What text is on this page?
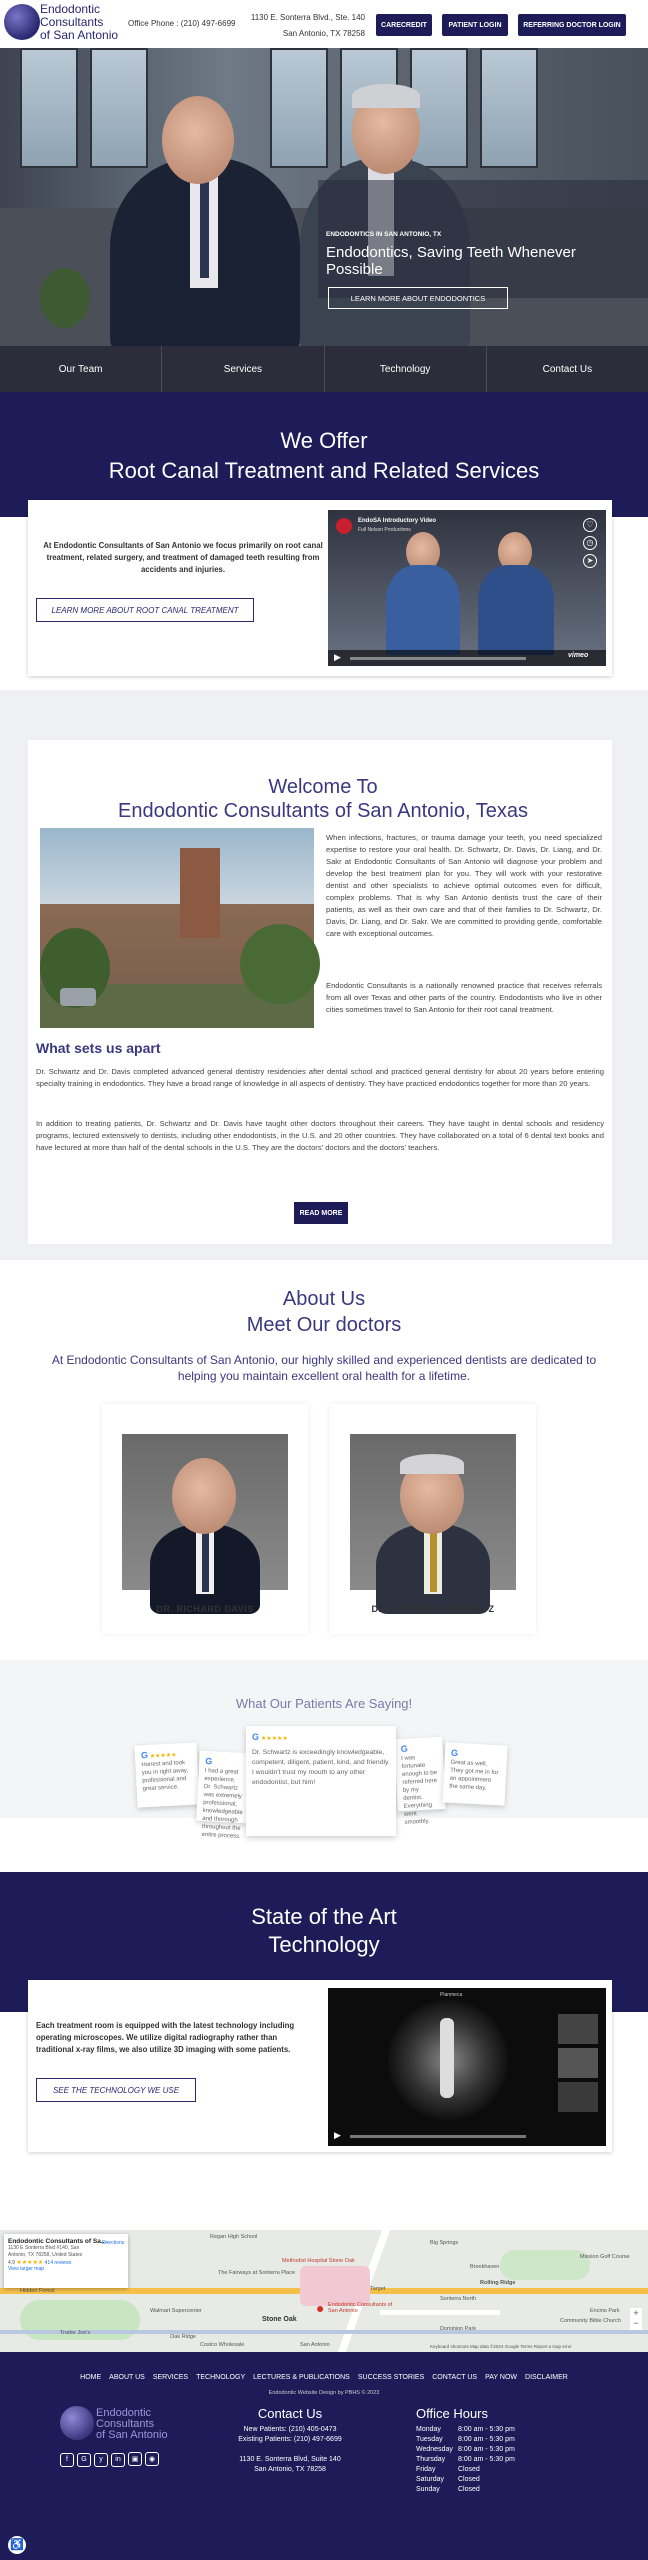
Endodontic
Consultants
of San Antonio
Office Phone : (210) 497-6699
1130 E. Sonterra Blvd., Ste. 140
San Antonio, TX 78258
CARECREDIT	PATIENT LOGIN	REFERRING DOCTOR LOGIN
ENDODONTICS IN SAN ANTONIO, TX
Endodontics, Saving Teeth Whenever Possible
LEARN MORE ABOUT ENDODONTICS
Our Team	Services	Technology	Contact Us
We Offer
Root Canal Treatment and Related Services
At Endodontic Consultants of San Antonio we focus primarily on root canal treatment, related surgery, and treatment of damaged teeth resulting from accidents and injuries.
LEARN MORE ABOUT ROOT CANAL TREATMENT
EndoSA Introductory Video
Full Nelson Productions
♡
◷
➤
▶	vimeo
Welcome To
Endodontic Consultants of San Antonio, Texas
When infections, fractures, or trauma damage your teeth, you need specialized expertise to restore your oral health. Dr. Schwartz, Dr. Davis, Dr. Liang, and Dr. Sakr at Endodontic Consultants of San Antonio will diagnose your problem and develop the best treatment plan for you. They will work with your restorative dentist and other specialists to achieve optimal outcomes even for difficult, complex problems. That is why San Antonio dentists trust the care of their patients, as well as their own care and that of their families to Dr. Schwartz, Dr. Davis, Dr. Liang, and Dr. Sakr. We are committed to providing gentle, comfortable care with exceptional outcomes.
Endodontic Consultants is a nationally renowned practice that receives referrals from all over Texas and other parts of the country. Endodontists who live in other cities sometimes travel to San Antonio for their root canal treatment.
What sets us apart
Dr. Schwartz and Dr. Davis completed advanced general dentistry residencies after dental school and practiced general dentistry for about 20 years before entering specialty training in endodontics. They have a broad range of knowledge in all aspects of dentistry. They have practiced endodontics together for more than 20 years.
In addition to treating patients, Dr. Schwartz and Dr. Davis have taught other doctors throughout their careers. They have taught in dental schools and residency programs, lectured extensively to dentists, including other endodontists, in the U.S. and 20 other countries. They have collaborated on a total of 6 dental text books and have lectured at more than half of the dental schools in the U.S. They are the doctors' doctors and the doctors' teachers.
READ MORE
About Us
Meet Our doctors
At Endodontic Consultants of San Antonio, our highly skilled and experienced dentists are dedicated to helping you maintain excellent oral health for a lifetime.
DR. RICHARD DAVIS	DR. RICHARD SCHWARTZ
What Our Patients Are Saying!
G ★★★★★
Honest and took you in right away, professional and great service.
G
I had a great experience. Dr. Schwartz was extremely professional, knowledgeable and thorough throughout the entire process.
G ★★★★★
Dr. Schwartz is exceedingly knowledgeable, competent, diligent, patient, kind, and friendly. I wouldn't trust my mouth to any other endodontist, but him!
G
I was fortunate enough to be referred here by my dentist. Everything went smoothly.
G
Great as well. They got me in for an appointment the same day.
State of the Art
Technology
Each treatment room is equipped with the latest technology including operating microscopes. We utilize digital radiography rather than traditional x-ray films, we also utilize 3D imaging with some patients.
SEE THE TECHNOLOGY WE USE
Planmeca
▶
● Endodontic Consultants of San Antonio
Regan High School
The Fairways at Sonterra Place
Methodist Hospital Stone Oak
Stone Oak
Big Springs
Hidden Forest
Rolling Ridge
Sonterra North
Trader Joe's
Oak Ridge
Dominion Park
Mission Golf Course
Encino Park
Community Bible Church
Brookhaven
Walmart Supercenter
Costco Wholesale
Target
San Antonio
Endodontic Consultants of Sa...
1130 E Sonterra Blvd #140, San Antonio, TX 78258, United States
4.9 ★★★★★ 414 reviews
View larger map
Directions
+
−
Keyboard shortcuts Map data ©2024 Google Terms Report a map error
HOME ABOUT US SERVICES TECHNOLOGY LECTURES & PUBLICATIONS SUCCESS STORIES CONTACT US PAY NOW DISCLAIMER
Endodontic Website Design by PBHS © 2023
Endodontic
Consultants
of San Antonio
f G y in ▣ ◉
Contact Us
New Patients: (210) 405-0473
Existing Patients: (210) 497-6699
1130 E. Sonterra Blvd, Suite 140
San Antonio, TX 78258
Office Hours
Monday	8:00 am - 5:30 pm
Tuesday	8:00 am - 5:30 pm
Wednesday 8:00 am - 5:30 pm
Thursday	8:00 am - 5:30 pm
Friday	Closed
Saturday	Closed
Sunday	Closed
♿
